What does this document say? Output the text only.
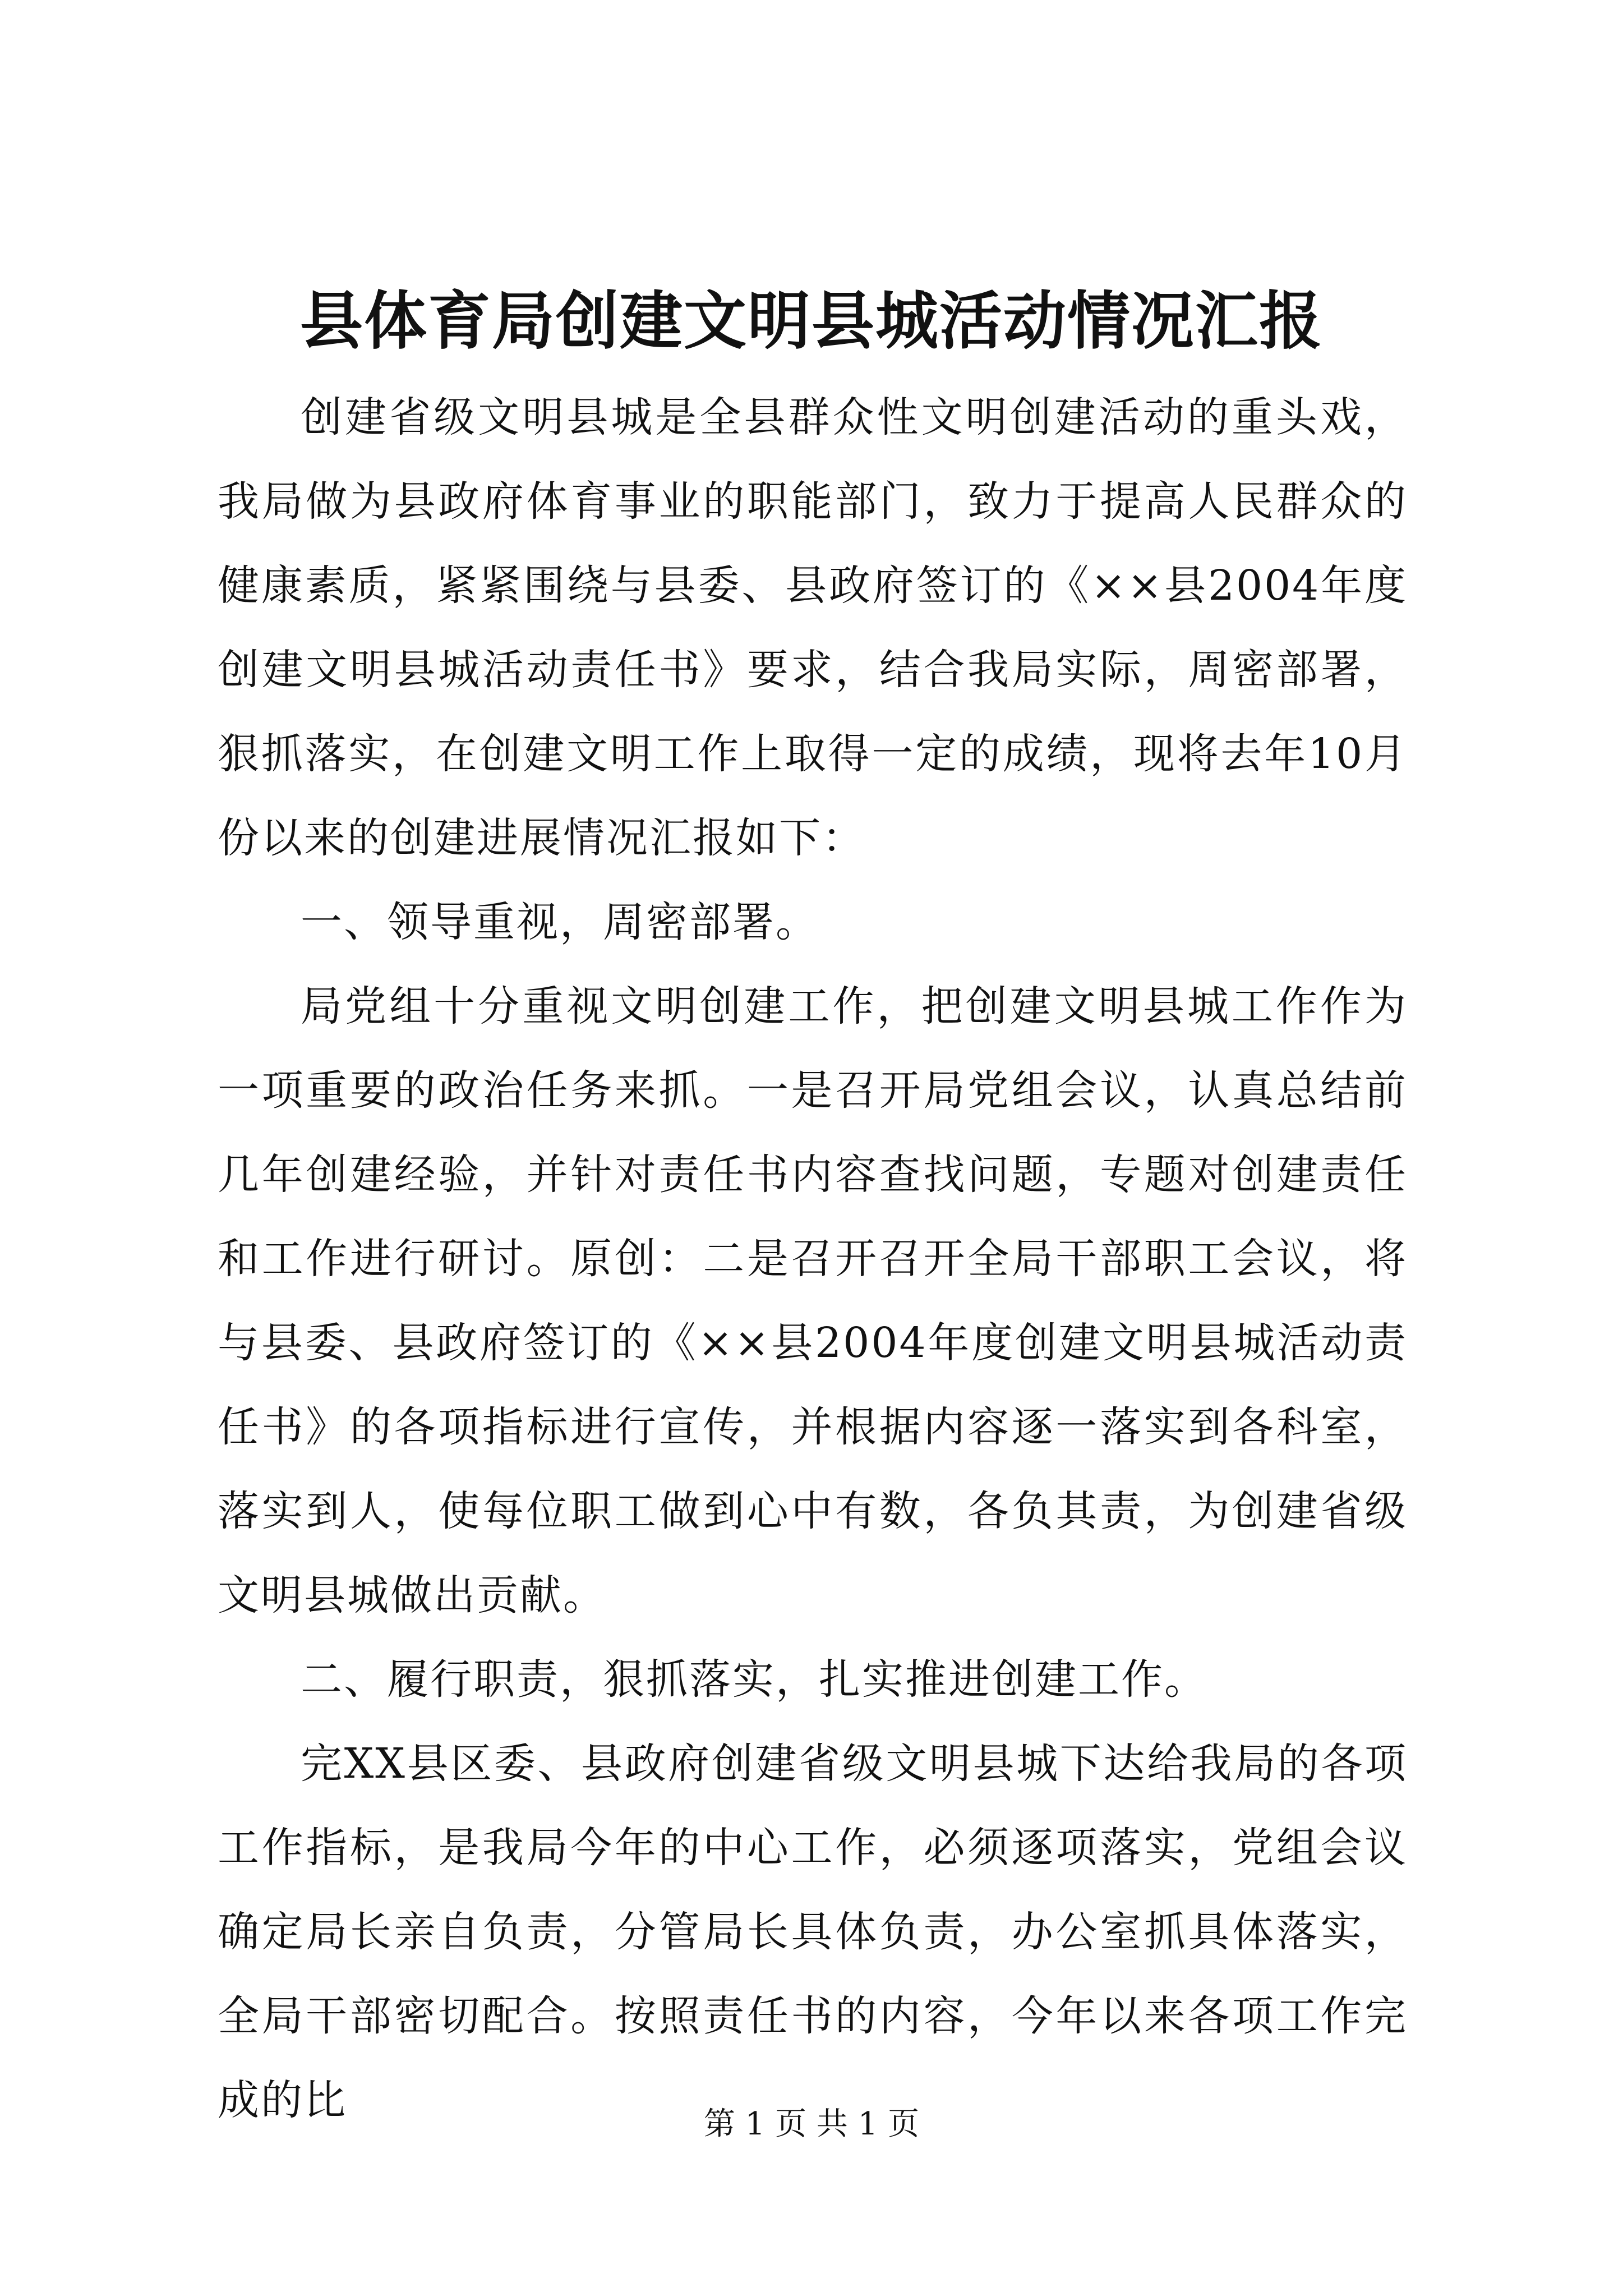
县体育局创建文明县城活动情况汇报

创建省级文明县城是全县群众性文明创建活动的重头戏，我局做为县政府体育事业的职能部门，致力于提高人民群众的健康素质，紧紧围绕与县委、县政府签订的《××县2004年度创建文明县城活动责任书》要求，结合我局实际，周密部署，狠抓落实，在创建文明工作上取得一定的成绩，现将去年10月份以来的创建进展情况汇报如下：

一、领导重视，周密部署。

局党组十分重视文明创建工作，把创建文明县城工作作为一项重要的政治任务来抓。一是召开局党组会议，认真总结前几年创建经验，并针对责任书内容查找问题，专题对创建责任和工作进行研讨。原创：二是召开召开全局干部职工会议，将与县委、县政府签订的《××县2004年度创建文明县城活动责任书》的各项指标进行宣传，并根据内容逐一落实到各科室，落实到人，使每位职工做到心中有数，各负其责，为创建省级文明县城做出贡献。

二、履行职责，狠抓落实，扎实推进创建工作。

完XX县区委、县政府创建省级文明县城下达给我局的各项工作指标，是我局今年的中心工作，必须逐项落实，党组会议确定局长亲自负责，分管局长具体负责，办公室抓具体落实，全局干部密切配合。按照责任书的内容，今年以来各项工作完成的比	第 1 页 共 1 页
